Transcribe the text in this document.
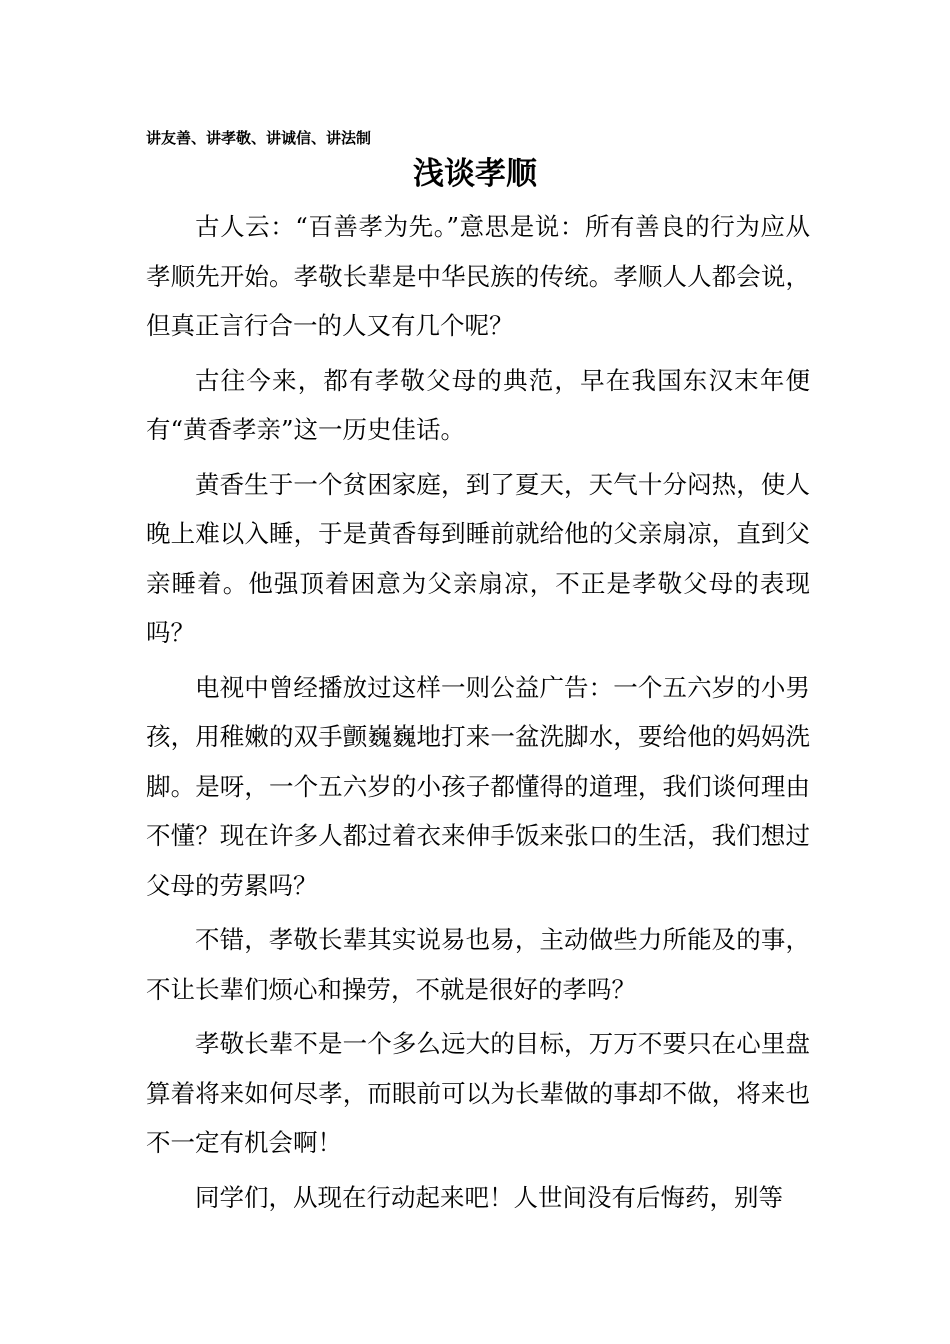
讲友善、讲孝敬、讲诚信、讲法制
浅谈孝顺

古人云：“百善孝为先。”意思是说：所有善良的行为应从孝顺先开始。孝敬长辈是中华民族的传统。孝顺人人都会说，但真正言行合一的人又有几个呢？

古往今来，都有孝敬父母的典范，早在我国东汉末年便有“黄香孝亲”这一历史佳话。

黄香生于一个贫困家庭，到了夏天，天气十分闷热，使人晚上难以入睡，于是黄香每到睡前就给他的父亲扇凉，直到父亲睡着。他强顶着困意为父亲扇凉，不正是孝敬父母的表现吗？

电视中曾经播放过这样一则公益广告：一个五六岁的小男孩，用稚嫩的双手颤巍巍地打来一盆洗脚水，要给他的妈妈洗脚。是呀，一个五六岁的小孩子都懂得的道理，我们谈何理由不懂？现在许多人都过着衣来伸手饭来张口的生活，我们想过父母的劳累吗？

不错，孝敬长辈其实说易也易，主动做些力所能及的事，不让长辈们烦心和操劳，不就是很好的孝吗？

孝敬长辈不是一个多么远大的目标，万万不要只在心里盘算着将来如何尽孝，而眼前可以为长辈做的事却不做，将来也不一定有机会啊！

同学们，从现在行动起来吧！人世间没有后悔药，别等
